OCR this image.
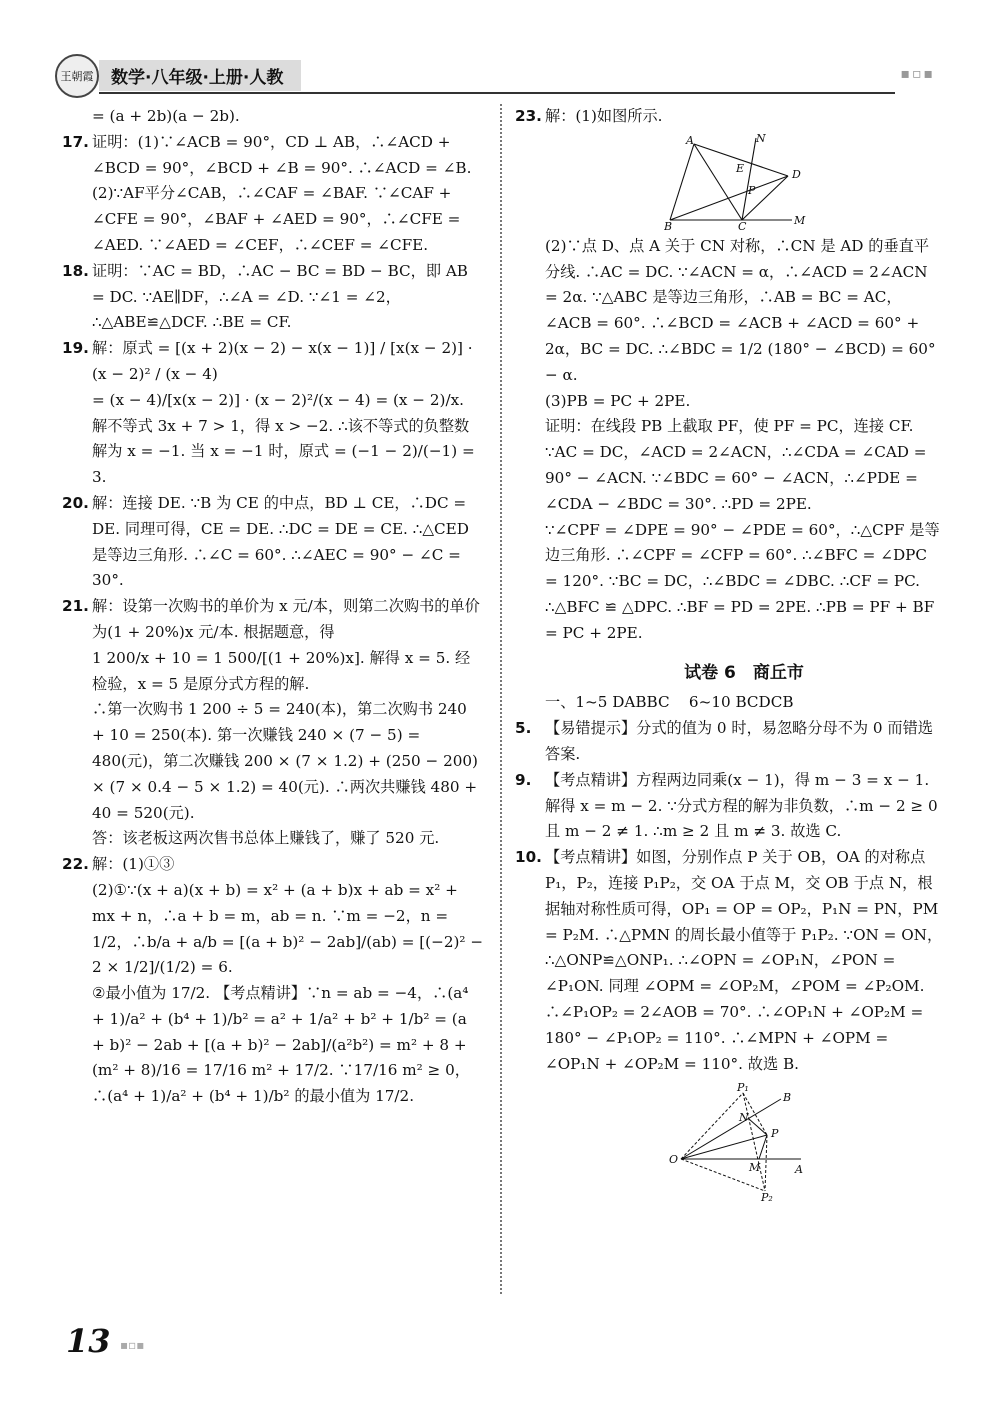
王朝霞	数学·八年级·上册·人教	▪▫▪
= (a + 2b)(a − 2b).
17. 证明：(1)∵∠ACB = 90°，CD ⊥ AB，∴∠ACD + ∠BCD = 90°，∠BCD + ∠B = 90°. ∴∠ACD = ∠B.
(2)∵AF平分∠CAB，∴∠CAF = ∠BAF. ∵∠CAF + ∠CFE = 90°，∠BAF + ∠AED = 90°，∴∠CFE = ∠AED. ∵∠AED = ∠CEF，∴∠CEF = ∠CFE.
18. 证明：∵AC = BD，∴AC − BC = BD − BC，即 AB = DC. ∵AE∥DF，∴∠A = ∠D. ∵∠1 = ∠2，∴△ABE≌△DCF. ∴BE = CF.
19. 解：原式 = [(x + 2)(x − 2) − x(x − 1)] / [x(x − 2)] · (x − 2)² / (x − 4)
= (x − 4)/[x(x − 2)] · (x − 2)²/(x − 4) = (x − 2)/x.
解不等式 3x + 7 > 1，得 x > −2. ∴该不等式的负整数解为 x = −1. 当 x = −1 时，原式 = (−1 − 2)/(−1) = 3.
20. 解：连接 DE. ∵B 为 CE 的中点，BD ⊥ CE，∴DC = DE. 同理可得，CE = DE. ∴DC = DE = CE. ∴△CED 是等边三角形. ∴∠C = 60°. ∴∠AEC = 90° − ∠C = 30°.
21. 解：设第一次购书的单价为 x 元/本，则第二次购书的单价为(1 + 20%)x 元/本. 根据题意，得
1 200/x + 10 = 1 500/[(1 + 20%)x]. 解得 x = 5. 经检验，x = 5 是原分式方程的解.
∴第一次购书 1 200 ÷ 5 = 240(本)，第二次购书 240 + 10 = 250(本). 第一次赚钱 240 × (7 − 5) = 480(元)，第二次赚钱 200 × (7 × 1.2) + (250 − 200) × (7 × 0.4 − 5 × 1.2) = 40(元). ∴两次共赚钱 480 + 40 = 520(元).
答：该老板这两次售书总体上赚钱了，赚了 520 元.
22. 解：(1)①③
(2)①∵(x + a)(x + b) = x² + (a + b)x + ab = x² + mx + n，∴a + b = m，ab = n. ∵m = −2，n = 1/2，∴b/a + a/b = [(a + b)² − 2ab]/(ab) = [(−2)² − 2 × 1/2]/(1/2) = 6.
②最小值为 17/2. 【考点精讲】∵n = ab = −4，∴(a⁴ + 1)/a² + (b⁴ + 1)/b² = a² + 1/a² + b² + 1/b² = (a + b)² − 2ab + [(a + b)² − 2ab]/(a²b²) = m² + 8 + (m² + 8)/16 = 17/16 m² + 17/2. ∵17/16 m² ≥ 0，∴(a⁴ + 1)/a² + (b⁴ + 1)/b² 的最小值为 17/2.
23. 解：(1)如图所示.
A	N
E	D
P
B	C	M
(2)∵点 D、点 A 关于 CN 对称，∴CN 是 AD 的垂直平分线. ∴AC = DC. ∵∠ACN = α，∴∠ACD = 2∠ACN = 2α. ∵△ABC 是等边三角形，∴AB = BC = AC，∠ACB = 60°. ∴∠BCD = ∠ACB + ∠ACD = 60° + 2α，BC = DC. ∴∠BDC = 1/2 (180° − ∠BCD) = 60° − α.
(3)PB = PC + 2PE.
证明：在线段 PB 上截取 PF，使 PF = PC，连接 CF. ∵AC = DC，∠ACD = 2∠ACN，∴∠CDA = ∠CAD = 90° − ∠ACN. ∵∠BDC = 60° − ∠ACN，∴∠PDE = ∠CDA − ∠BDC = 30°. ∴PD = 2PE.
∵∠CPF = ∠DPE = 90° − ∠PDE = 60°，∴△CPF 是等边三角形. ∴∠CPF = ∠CFP = 60°. ∴∠BFC = ∠DPC = 120°. ∵BC = DC，∴∠BDC = ∠DBC. ∴CF = PC. ∴△BFC ≌ △DPC. ∴BF = PD = 2PE. ∴PB = PF + BF = PC + 2PE.
试卷 6　商丘市
一、1~5 DABBC    6~10 BCDCB
5. 【易错提示】分式的值为 0 时，易忽略分母不为 0 而错选答案.
9. 【考点精讲】方程两边同乘(x − 1)，得 m − 3 = x − 1. 解得 x = m − 2. ∵分式方程的解为非负数，∴m − 2 ≥ 0 且 m − 2 ≠ 1. ∴m ≥ 2 且 m ≠ 3. 故选 C.
10. 【考点精讲】如图，分别作点 P 关于 OB，OA 的对称点 P₁，P₂，连接 P₁P₂，交 OA 于点 M，交 OB 于点 N，根据轴对称性质可得，OP₁ = OP = OP₂，P₁N = PN，PM = P₂M. ∴△PMN 的周长最小值等于 P₁P₂. ∵ON = ON，∴△ONP≌△ONP₁. ∴∠OPN = ∠OP₁N，∠PON = ∠P₁ON. 同理 ∠OPM = ∠OP₂M，∠POM = ∠P₂OM. ∴∠P₁OP₂ = 2∠AOB = 70°. ∴∠OP₁N + ∠OP₂M = 180° − ∠P₁OP₂ = 110°. ∴∠MPN + ∠OPM = ∠OP₁N + ∠OP₂M = 110°. 故选 B.
P₁
B
N
P
O
M	A
P₂
13 ▪▫▪
